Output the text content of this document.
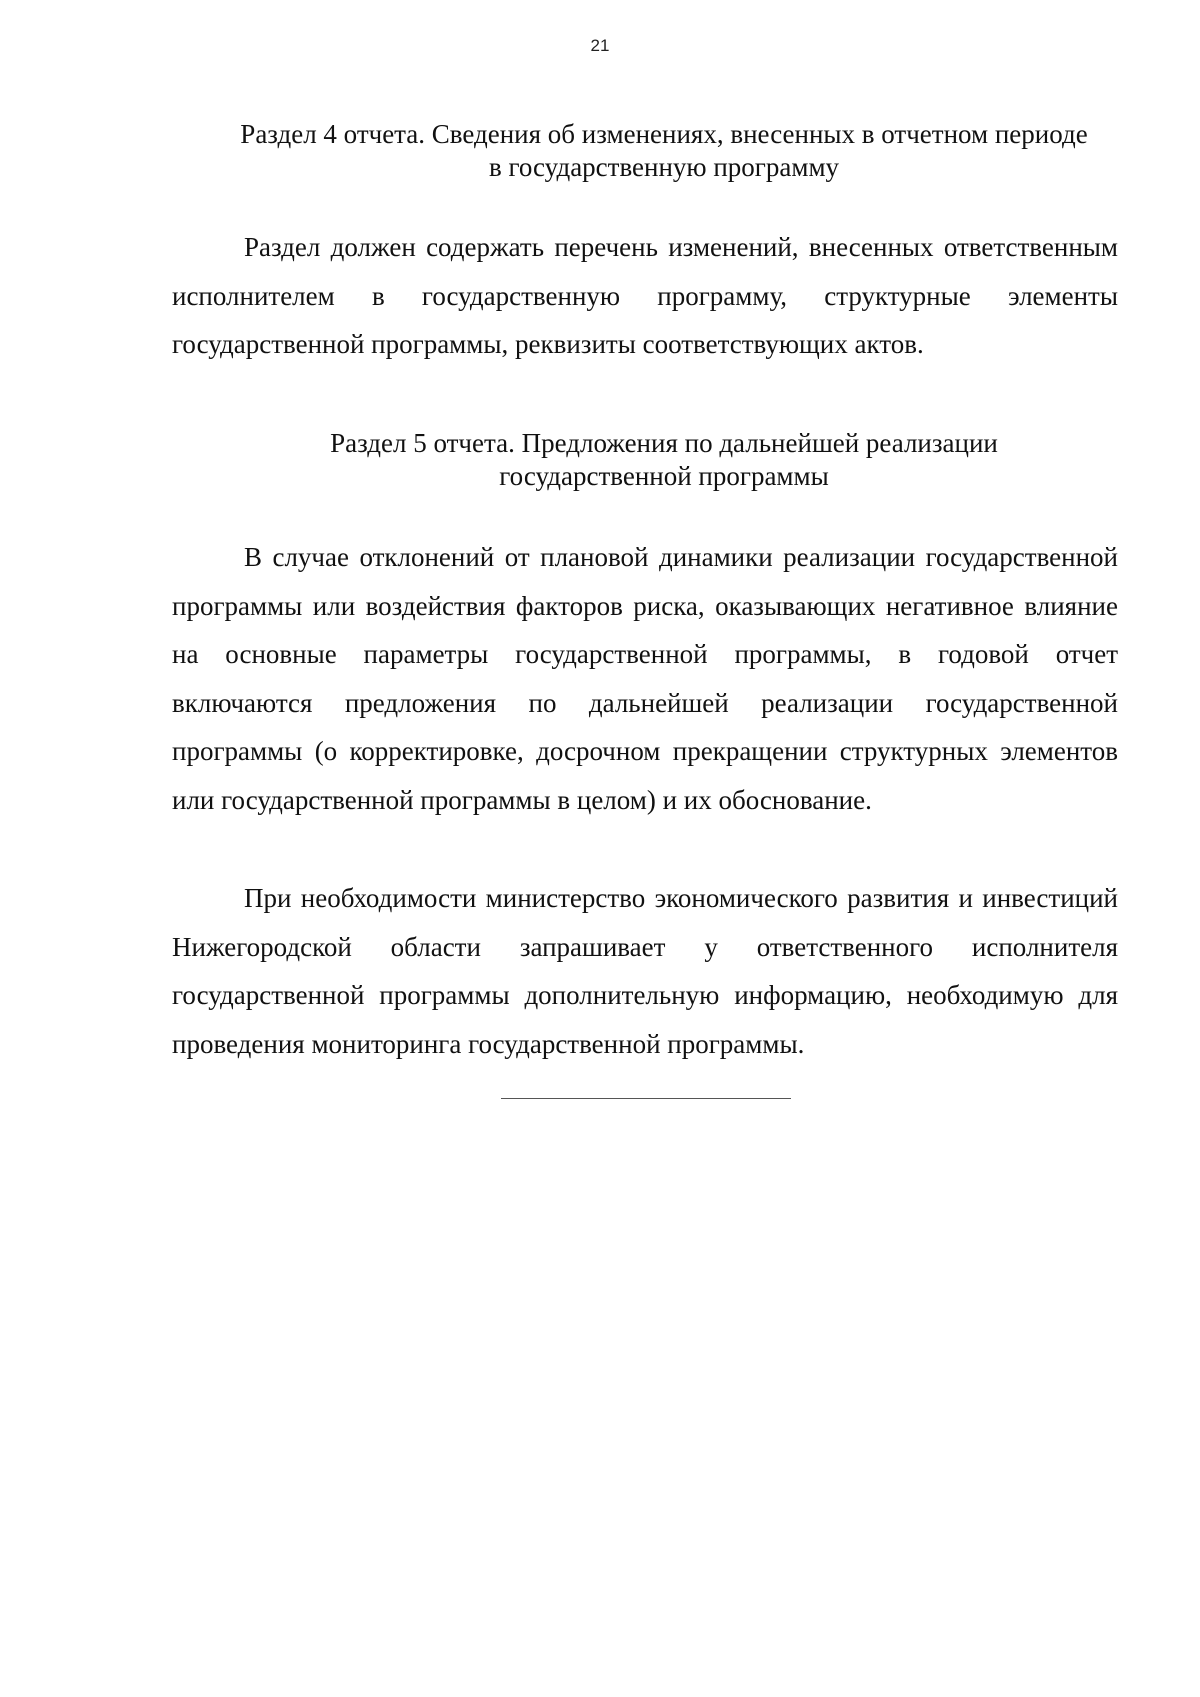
21
Раздел 4 отчета. Сведения об изменениях, внесенных в отчетном периоде
в государственную программу

Раздел должен содержать перечень изменений, внесенных ответственным исполнителем в государственную программу, структурные элементы государственной программы, реквизиты соответствующих актов.

Раздел 5 отчета. Предложения по дальнейшей реализации
государственной программы

В случае отклонений от плановой динамики реализации государственной программы или воздействия факторов риска, оказывающих негативное влияние на основные параметры государственной программы, в годовой отчет включаются предложения по дальнейшей реализации государственной программы (о корректировке, досрочном прекращении структурных элементов или государственной программы в целом) и их обоснование.

При необходимости министерство экономического развития и инвестиций Нижегородской области запрашивает у ответственного исполнителя государственной программы дополнительную информацию, необходимую для проведения мониторинга государственной программы.
